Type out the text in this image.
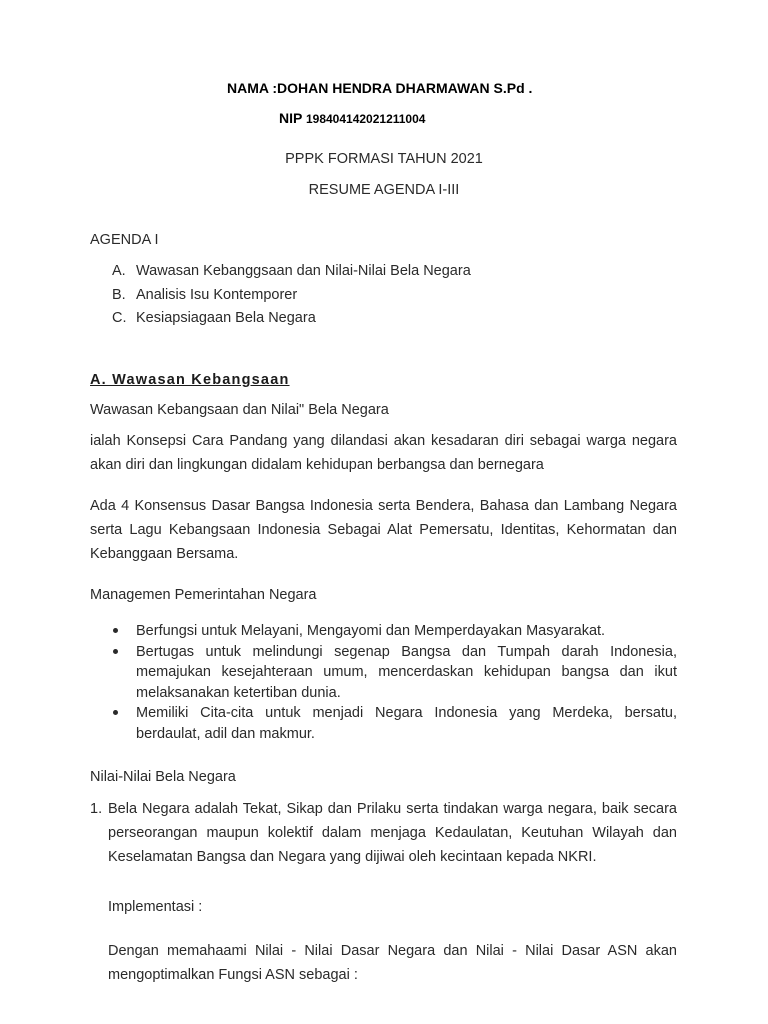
NAMA :DOHAN HENDRA DHARMAWAN S.Pd .
NIP 198404142021211004
PPPK FORMASI TAHUN 2021
RESUME AGENDA I-III
AGENDA I
A. Wawasan Kebanggsaan dan Nilai-Nilai Bela Negara
B. Analisis Isu Kontemporer
C. Kesiapsiagaan Bela Negara
A. Wawasan Kebangsaan
Wawasan Kebangsaan dan Nilai" Bela Negara
ialah Konsepsi Cara Pandang yang dilandasi akan kesadaran diri sebagai warga negara akan diri dan lingkungan didalam kehidupan berbangsa dan bernegara
Ada 4 Konsensus Dasar Bangsa Indonesia serta Bendera, Bahasa dan Lambang Negara serta Lagu Kebangsaan Indonesia Sebagai Alat Pemersatu, Identitas, Kehormatan dan Kebanggaan Bersama.
Managemen Pemerintahan Negara
Berfungsi untuk Melayani, Mengayomi dan Memperdayakan Masyarakat.
Bertugas untuk melindungi segenap Bangsa dan Tumpah darah Indonesia, memajukan kesejahteraan umum, mencerdaskan kehidupan bangsa dan ikut melaksanakan ketertiban dunia.
Memiliki Cita-cita untuk menjadi Negara Indonesia yang Merdeka, bersatu, berdaulat, adil dan makmur.
Nilai-Nilai Bela Negara
1. Bela Negara adalah Tekat, Sikap dan Prilaku serta tindakan warga negara, baik secara perseorangan maupun kolektif dalam menjaga Kedaulatan, Keutuhan Wilayah dan Keselamatan Bangsa dan Negara yang dijiwai oleh kecintaan kepada NKRI.
Implementasi :
Dengan memahaami Nilai - Nilai Dasar Negara dan Nilai - Nilai Dasar ASN akan mengoptimalkan Fungsi ASN sebagai :
